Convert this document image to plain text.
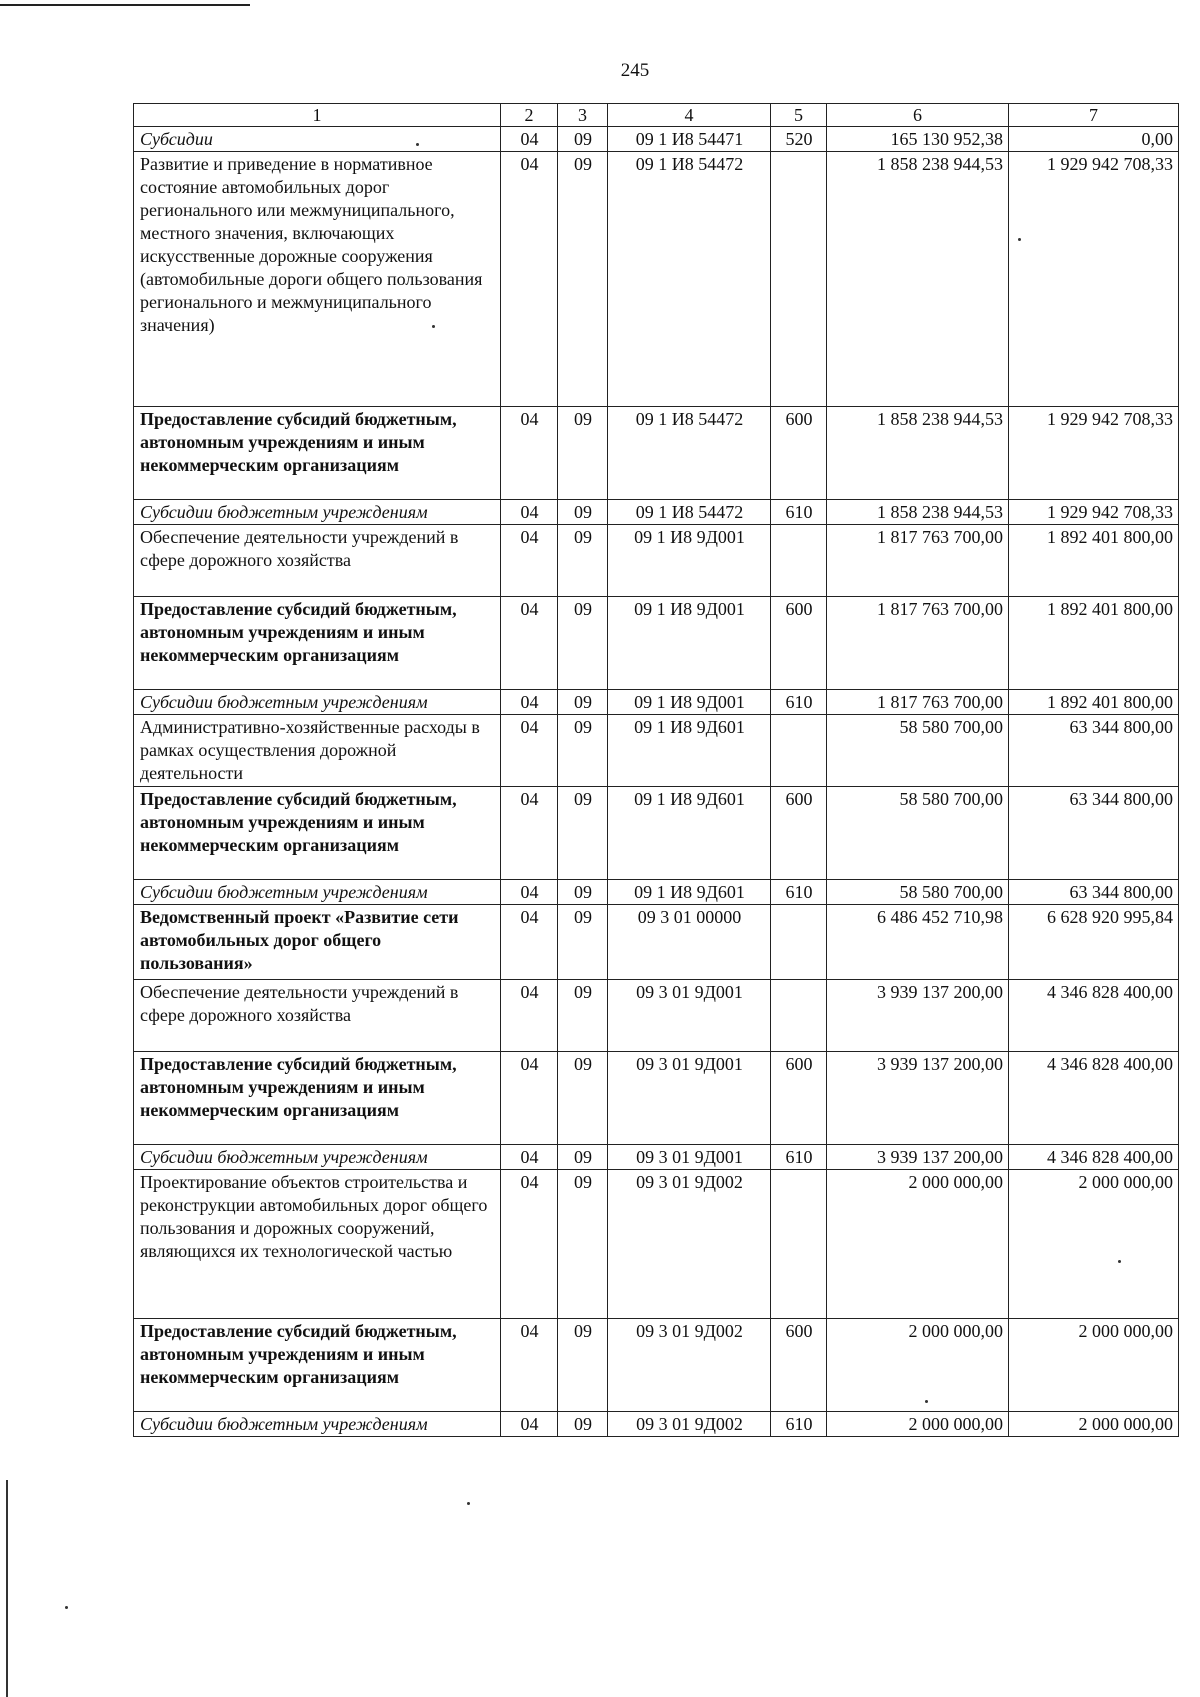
245
1	2	3	4	5	6	7
Субсидии	04	09	09 1 И8 54471	520	165 130 952,38	0,00
Развитие и приведение в нормативное состояние автомобильных дорог регионального или межмуниципального, местного значения, включающих искусственные дорожные сооружения (автомобильные дороги общего пользования регионального и межмуниципального значения)	04	09	09 1 И8 54472		1 858 238 944,53	1 929 942 708,33
Предоставление субсидий бюджетным, автономным учреждениям и иным некоммерческим организациям	04	09	09 1 И8 54472	600	1 858 238 944,53	1 929 942 708,33
Субсидии бюджетным учреждениям	04	09	09 1 И8 54472	610	1 858 238 944,53	1 929 942 708,33
Обеспечение деятельности учреждений в сфере дорожного хозяйства	04	09	09 1 И8 9Д001		1 817 763 700,00	1 892 401 800,00
Предоставление субсидий бюджетным, автономным учреждениям и иным некоммерческим организациям	04	09	09 1 И8 9Д001	600	1 817 763 700,00	1 892 401 800,00
Субсидии бюджетным учреждениям	04	09	09 1 И8 9Д001	610	1 817 763 700,00	1 892 401 800,00
Административно-хозяйственные расходы в рамках осуществления дорожной деятельности	04	09	09 1 И8 9Д601		58 580 700,00	63 344 800,00
Предоставление субсидий бюджетным, автономным учреждениям и иным некоммерческим организациям	04	09	09 1 И8 9Д601	600	58 580 700,00	63 344 800,00
Субсидии бюджетным учреждениям	04	09	09 1 И8 9Д601	610	58 580 700,00	63 344 800,00
Ведомственный проект «Развитие сети автомобильных дорог общего пользования»	04	09	09 3 01 00000		6 486 452 710,98	6 628 920 995,84
Обеспечение деятельности учреждений в сфере дорожного хозяйства	04	09	09 3 01 9Д001		3 939 137 200,00	4 346 828 400,00
Предоставление субсидий бюджетным, автономным учреждениям и иным некоммерческим организациям	04	09	09 3 01 9Д001	600	3 939 137 200,00	4 346 828 400,00
Субсидии бюджетным учреждениям	04	09	09 3 01 9Д001	610	3 939 137 200,00	4 346 828 400,00
Проектирование объектов строительства и реконструкции автомобильных дорог общего пользования и дорожных сооружений, являющихся их технологической частью	04	09	09 3 01 9Д002		2 000 000,00	2 000 000,00
Предоставление субсидий бюджетным, автономным учреждениям и иным некоммерческим организациям	04	09	09 3 01 9Д002	600	2 000 000,00	2 000 000,00
Субсидии бюджетным учреждениям	04	09	09 3 01 9Д002	610	2 000 000,00	2 000 000,00
